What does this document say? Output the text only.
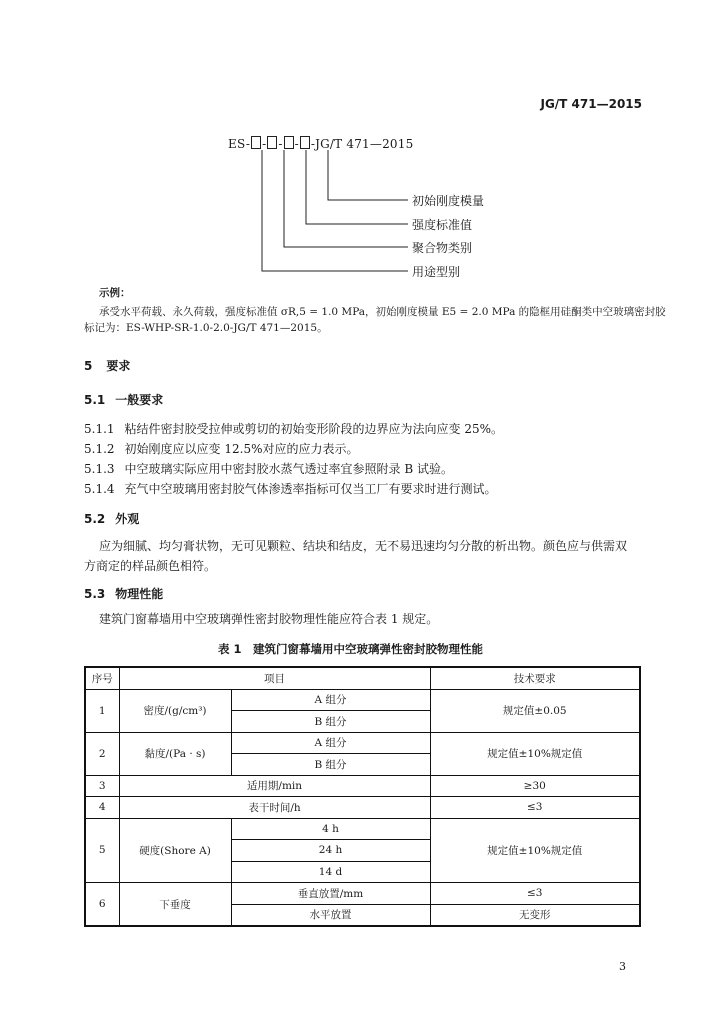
JG/T 471—2015
ES- - - - -JG/T 471—2015
初始刚度模量
强度标准值
聚合物类别
用途型别
示例：
承受水平荷载、永久荷载，强度标准值 σR,5 = 1.0 MPa，初始刚度模量 E5 = 2.0 MPa 的隐框用硅酮类中空玻璃密封胶
标记为：ES-WHP-SR-1.0-2.0-JG/T 471—2015。
5 要求
5.1 一般要求
5.1.1 粘结件密封胶受拉伸或剪切的初始变形阶段的边界应为法向应变 25%。
5.1.2 初始刚度应以应变 12.5%对应的应力表示。
5.1.3 中空玻璃实际应用中密封胶水蒸气透过率宜参照附录 B 试验。
5.1.4 充气中空玻璃用密封胶气体渗透率指标可仅当工厂有要求时进行测试。
5.2 外观
应为细腻、均匀膏状物，无可见颗粒、结块和结皮，无不易迅速均匀分散的析出物。颜色应与供需双
方商定的样品颜色相符。
5.3 物理性能
建筑门窗幕墙用中空玻璃弹性密封胶物理性能应符合表 1 规定。
表 1　建筑门窗幕墙用中空玻璃弹性密封胶物理性能
序号	项目		技术要求
1	密度/(g/cm³)	A 组分	规定值±0.05
		B 组分	
2	黏度/(Pa · s)	A 组分	规定值±10%规定值
		B 组分	
3	适用期/min		≥30
4	表干时间/h		≤3
5	硬度(Shore A)	4 h	规定值±10%规定值
		24 h	
		14 d	
6	下垂度	垂直放置/mm	≤3
		水平放置	无变形
3
